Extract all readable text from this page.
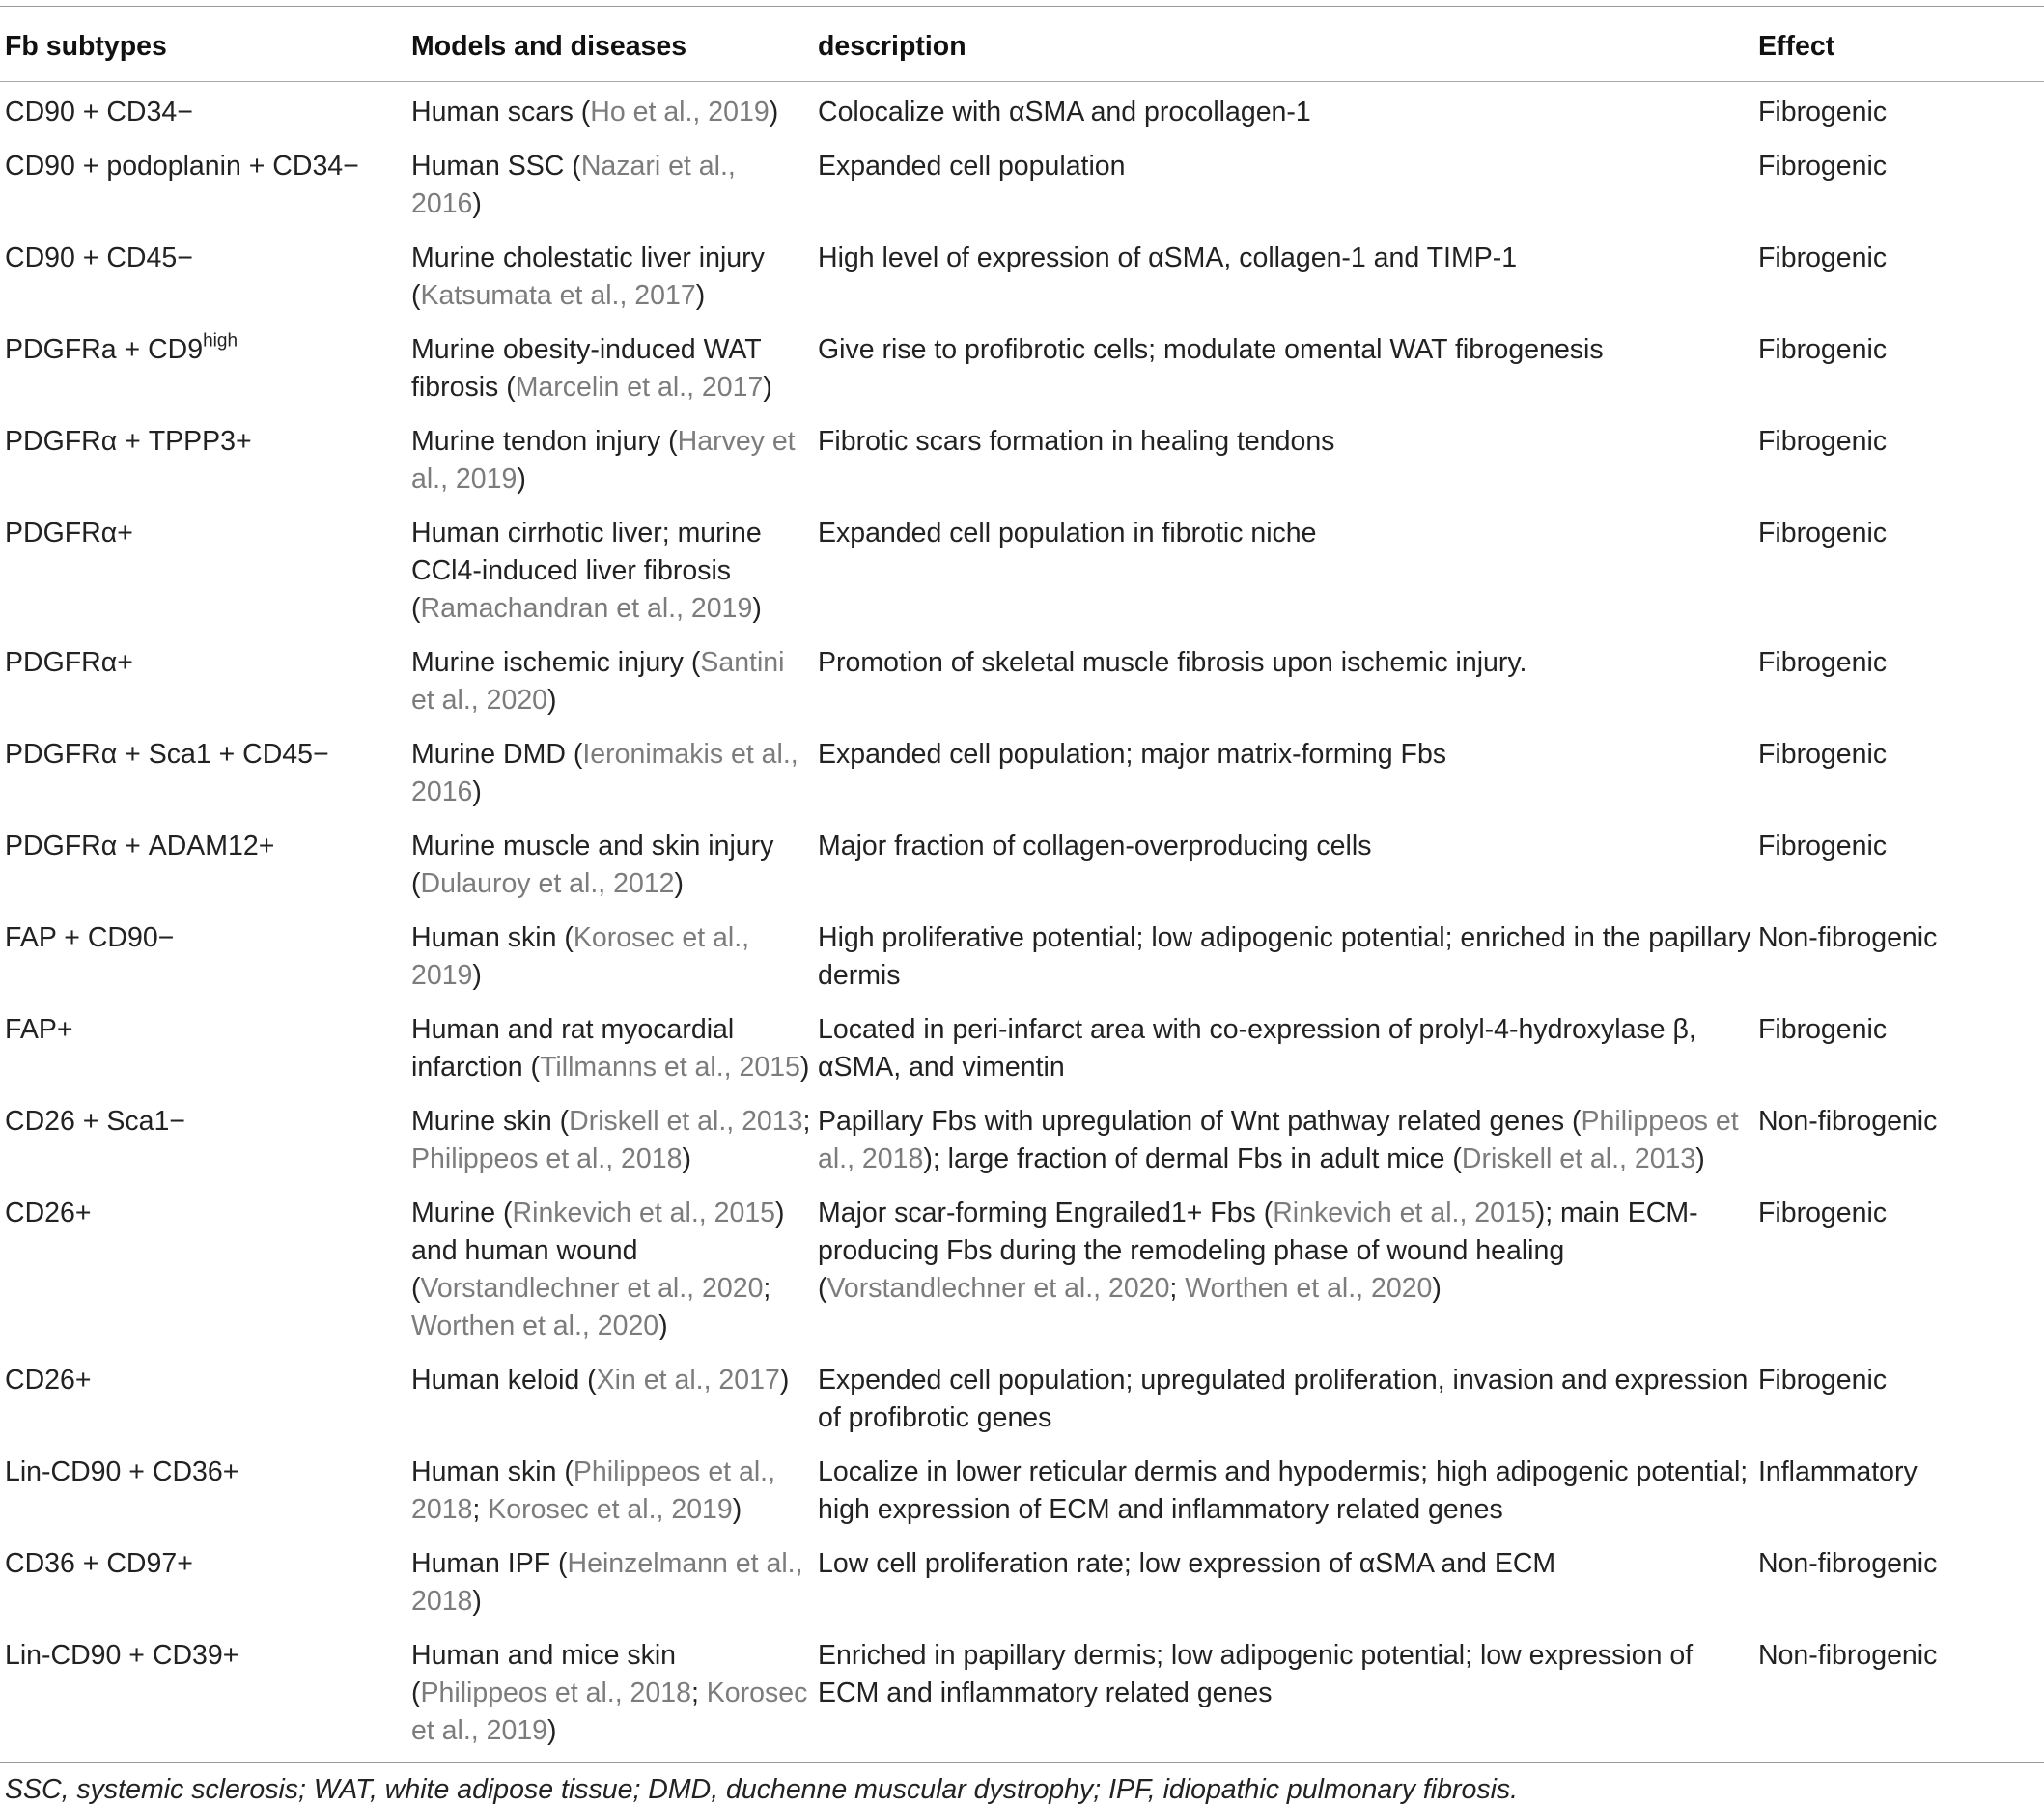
Fb subtypes	Models and diseases	description	Effect
CD90 + CD34−	Human scars (Ho et al., 2019)	Colocalize with αSMA and procollagen-1	Fibrogenic
CD90 + podoplanin + CD34−	Human SSC (Nazari et al., 2016)	Expanded cell population	Fibrogenic
CD90 + CD45−	Murine cholestatic liver injury (Katsumata et al., 2017)	High level of expression of αSMA, collagen-1 and TIMP-1	Fibrogenic
PDGFRa + $CD9^{high}$	Murine obesity-induced WAT fibrosis (Marcelin et al., 2017)	Give rise to profibrotic cells; modulate omental WAT fibrogenesis	Fibrogenic
PDGFRα + TPPP3+	Murine tendon injury (Harvey et al., 2019)	Fibrotic scars formation in healing tendons	Fibrogenic
PDGFRα+	Human cirrhotic liver; murine CCl4-induced liver fibrosis (Ramachandran et al., 2019)	Expanded cell population in fibrotic niche	Fibrogenic
PDGFRα+	Murine ischemic injury (Santini et al., 2020)	Promotion of skeletal muscle fibrosis upon ischemic injury.	Fibrogenic
PDGFRα + Sca1 + CD45−	Murine DMD (Ieronimakis et al., 2016)	Expanded cell population; major matrix-forming Fbs	Fibrogenic
PDGFRα + ADAM12+	Murine muscle and skin injury (Dulauroy et al., 2012)	Major fraction of collagen-overproducing cells	Fibrogenic
FAP + CD90−	Human skin (Korosec et al., 2019)	High proliferative potential; low adipogenic potential; enriched in the papillary dermis	Non-fibrogenic
FAP+	Human and rat myocardial infarction (Tillmanns et al., 2015)	Located in peri-infarct area with co-expression of prolyl-4-hydroxylase β, αSMA, and vimentin	Fibrogenic
CD26 + Sca1−	Murine skin (Driskell et al., 2013; Philippeos et al., 2018)	Papillary Fbs with upregulation of Wnt pathway related genes (Philippeos et al., 2018); large fraction of dermal Fbs in adult mice (Driskell et al., 2013)	Non-fibrogenic
CD26+	Murine (Rinkevich et al., 2015) and human wound (Vorstandlechner et al., 2020; Worthen et al., 2020)	Major scar-forming Engrailed1+ Fbs (Rinkevich et al., 2015); main ECM-producing Fbs during the remodeling phase of wound healing (Vorstandlechner et al., 2020; Worthen et al., 2020)	Fibrogenic
CD26+	Human keloid (Xin et al., 2017)	Expended cell population; upregulated proliferation, invasion and expression of profibrotic genes	Fibrogenic
Lin-CD90 + CD36+	Human skin (Philippeos et al., 2018; Korosec et al., 2019)	Localize in lower reticular dermis and hypodermis; high adipogenic potential; high expression of ECM and inflammatory related genes	Inflammatory
CD36 + CD97+	Human IPF (Heinzelmann et al., 2018)	Low cell proliferation rate; low expression of αSMA and ECM	Non-fibrogenic
Lin-CD90 + CD39+	Human and mice skin (Philippeos et al., 2018; Korosec et al., 2019)	Enriched in papillary dermis; low adipogenic potential; low expression of ECM and inflammatory related genes	Non-fibrogenic
SSC, systemic sclerosis; WAT, white adipose tissue; DMD, duchenne muscular dystrophy; IPF, idiopathic pulmonary fibrosis.
